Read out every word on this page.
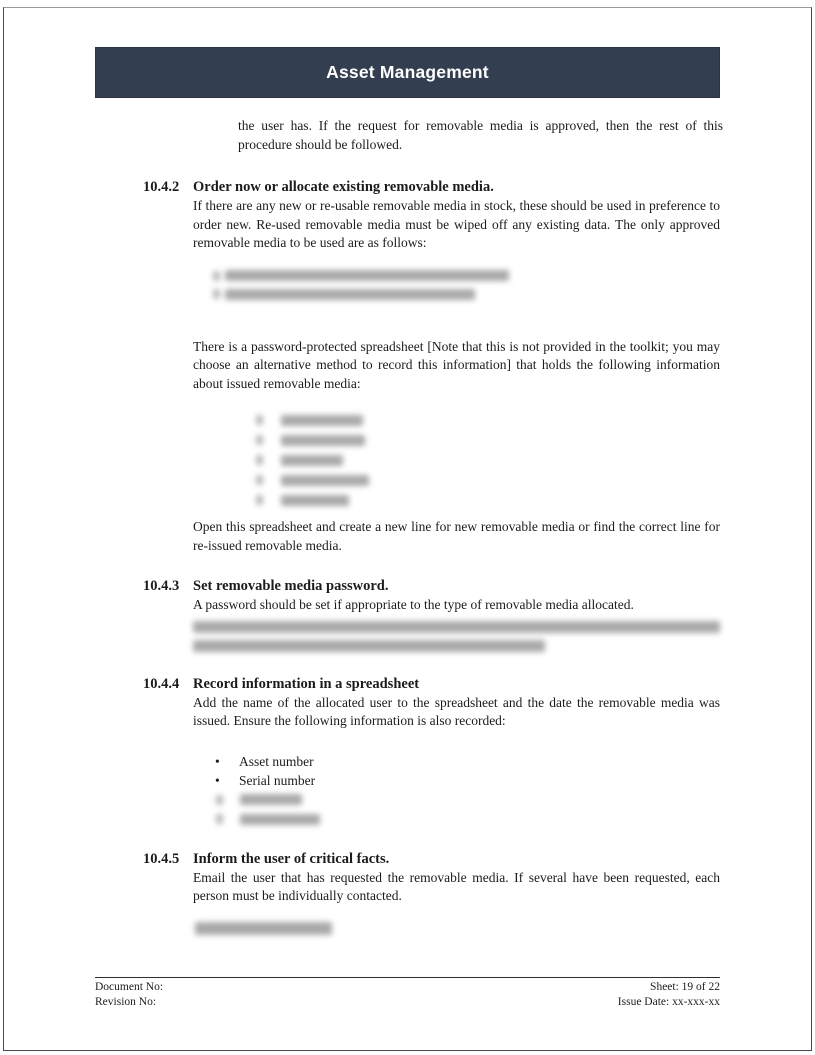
Asset Management

the user has. If the request for removable media is approved, then the rest of this procedure should be followed.

10.4.2 Order now or allocate existing removable media.

If there are any new or re-usable removable media in stock, these should be used in preference to order new. Re-used removable media must be wiped off any existing data. The only approved removable media to be used are as follows:

There is a password-protected spreadsheet [Note that this is not provided in the toolkit; you may choose an alternative method to record this information] that holds the following information about issued removable media:

Open this spreadsheet and create a new line for new removable media or find the correct line for re-issued removable media.

10.4.3 Set removable media password.

A password should be set if appropriate to the type of removable media allocated.

10.4.4 Record information in a spreadsheet

Add the name of the allocated user to the spreadsheet and the date the removable media was issued. Ensure the following information is also recorded:

•	Asset number
•	Serial number
10.4.5 Inform the user of critical facts.

Email the user that has requested the removable media. If several have been requested, each person must be individually contacted.

Document No:
Revision No:
Sheet: 19 of 22
Issue Date: xx-xxx-xx
